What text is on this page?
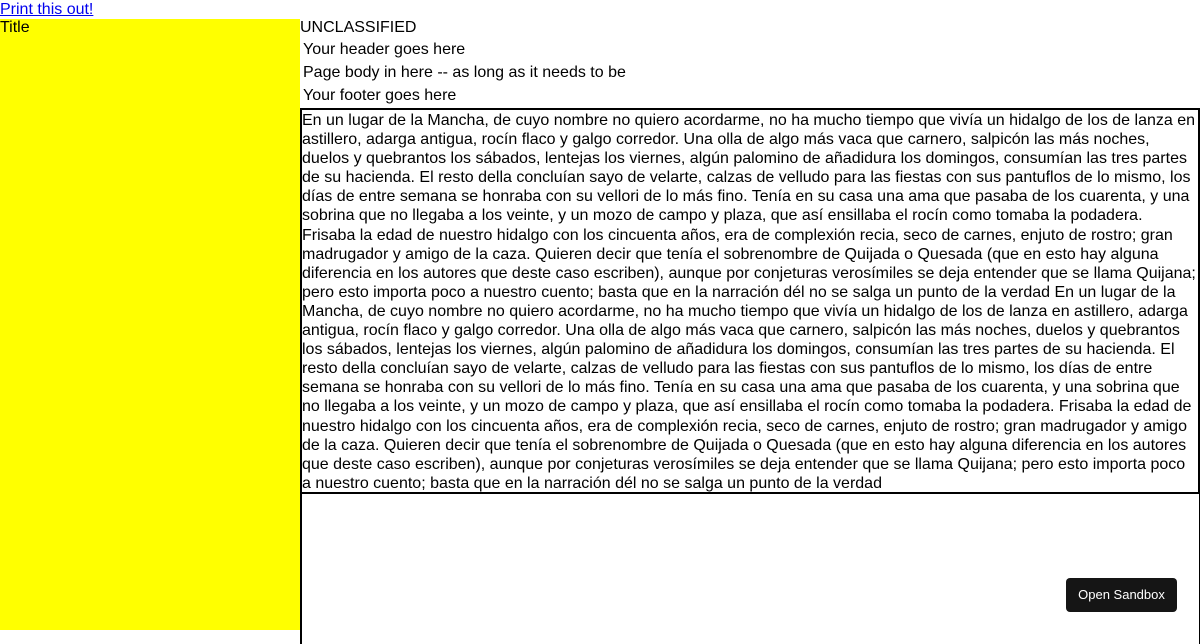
Print this out!
Title	UNCLASSIFIED
Your header goes here
Page body in here -- as long as it needs to be
Your footer goes here

En un lugar de la Mancha, de cuyo nombre no quiero acordarme, no ha mucho tiempo que vivía un hidalgo de los de lanza en astillero, adarga antigua, rocín flaco y galgo corredor. Una olla de algo más vaca que carnero, salpicón las más noches, duelos y quebrantos los sábados, lentejas los viernes, algún palomino de añadidura los domingos, consumían las tres partes de su hacienda. El resto della concluían sayo de velarte, calzas de velludo para las fiestas con sus pantuflos de lo mismo, los días de entre semana se honraba con su vellori de lo más fino. Tenía en su casa una ama que pasaba de los cuarenta, y una sobrina que no llegaba a los veinte, y un mozo de campo y plaza, que así ensillaba el rocín como tomaba la podadera. Frisaba la edad de nuestro hidalgo con los cincuenta años, era de complexión recia, seco de carnes, enjuto de rostro; gran madrugador y amigo de la caza. Quieren decir que tenía el sobrenombre de Quijada o Quesada (que en esto hay alguna diferencia en los autores que deste caso escriben), aunque por conjeturas verosímiles se deja entender que se llama Quijana; pero esto importa poco a nuestro cuento; basta que en la narración dél no se salga un punto de la verdad En un lugar de la Mancha, de cuyo nombre no quiero acordarme, no ha mucho tiempo que vivía un hidalgo de los de lanza en astillero, adarga antigua, rocín flaco y galgo corredor. Una olla de algo más vaca que carnero, salpicón las más noches, duelos y quebrantos los sábados, lentejas los viernes, algún palomino de añadidura los domingos, consumían las tres partes de su hacienda. El resto della concluían sayo de velarte, calzas de velludo para las fiestas con sus pantuflos de lo mismo, los días de entre semana se honraba con su vellori de lo más fino. Tenía en su casa una ama que pasaba de los cuarenta, y una sobrina que no llegaba a los veinte, y un mozo de campo y plaza, que así ensillaba el rocín como tomaba la podadera. Frisaba la edad de nuestro hidalgo con los cincuenta años, era de complexión recia, seco de carnes, enjuto de rostro; gran madrugador y amigo de la caza. Quieren decir que tenía el sobrenombre de Quijada o Quesada (que en esto hay alguna diferencia en los autores que deste caso escriben), aunque por conjeturas verosímiles se deja entender que se llama Quijana; pero esto importa poco a nuestro cuento; basta que en la narración dél no se salga un punto de la verdad

Open Sandbox
